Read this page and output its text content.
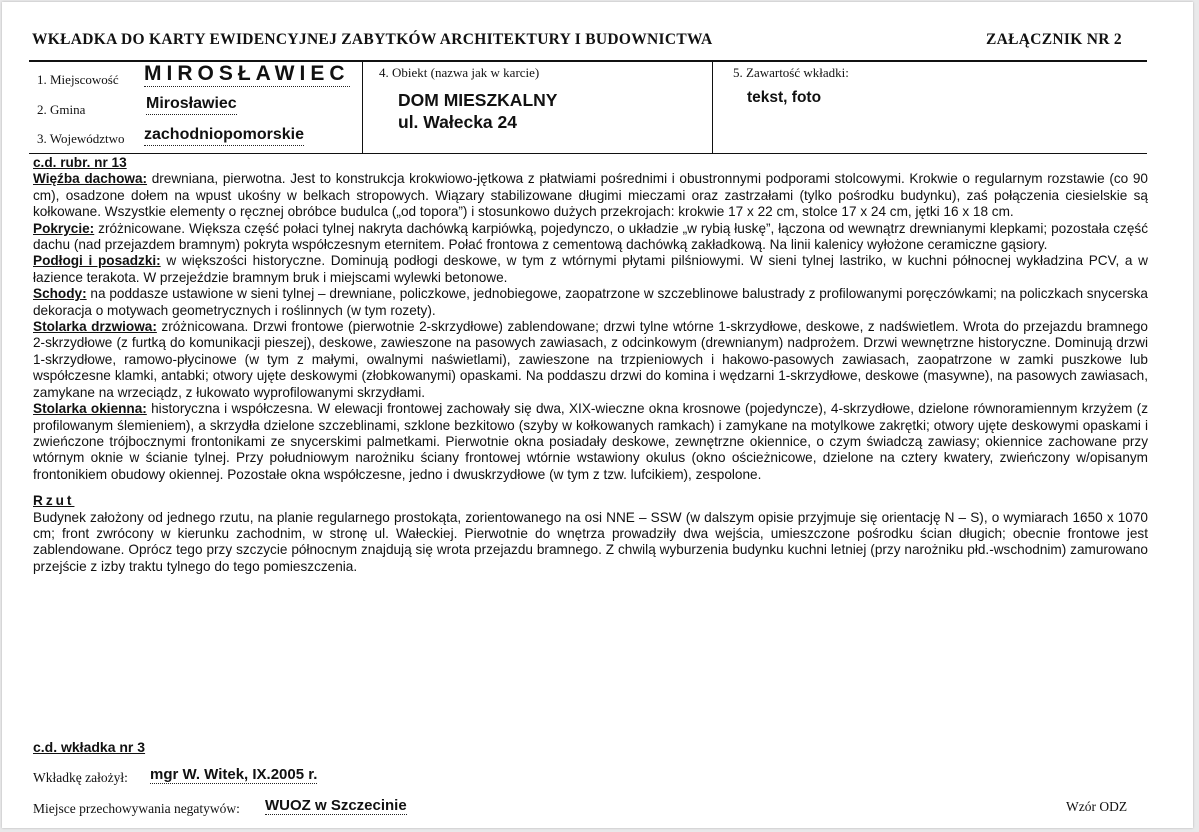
WKŁADKA DO KARTY EWIDENCYJNEJ ZABYTKÓW ARCHITEKTURY I BUDOWNICTWA	ZAŁĄCZNIK NR 2
1. Miejscowość MIROSŁAWIEC
2. Gmina	Mirosławiec
3. Województwo zachodniopomorskie
4. Obiekt (nazwa jak w karcie)
DOM MIESZKALNY
ul. Wałecka 24
5. Zawartość wkładki:
tekst, foto

c.d. rubr. nr 13

Więźba dachowa: drewniana, pierwotna. Jest to konstrukcja krokwiowo-jętkowa z płatwiami pośrednimi i obustronnymi podporami stolcowymi. Krokwie o regularnym rozstawie (co 90 cm), osadzone dołem na wpust ukośny w belkach stropowych. Wiązary stabilizowane długimi mieczami oraz zastrzałami (tylko pośrodku budynku), zaś połączenia ciesielskie są kołkowane. Wszystkie elementy o ręcznej obróbce budulca („od topora”) i stosunkowo dużych przekrojach: krokwie 17 x 22 cm, stolce 17 x 24 cm, jętki 16 x 18 cm.

Pokrycie: zróżnicowane. Większa część połaci tylnej nakryta dachówką karpiówką, pojedynczo, o układzie „w rybią łuskę”, łączona od wewnątrz drewnianymi klepkami; pozostała część dachu (nad przejazdem bramnym) pokryta współczesnym eternitem. Połać frontowa z cementową dachówką zakładkową. Na linii kalenicy wyłożone ceramiczne gąsiory.

Podłogi i posadzki: w większości historyczne. Dominują podłogi deskowe, w tym z wtórnymi płytami pilśniowymi. W sieni tylnej lastriko, w kuchni północnej wykładzina PCV, a w łazience terakota. W przejeździe bramnym bruk i miejscami wylewki betonowe.

Schody: na poddasze ustawione w sieni tylnej – drewniane, policzkowe, jednobiegowe, zaopatrzone w szczeblinowe balustrady z profilowanymi poręczówkami; na policzkach snycerska dekoracja o motywach geometrycznych i roślinnych (w tym rozety).

Stolarka drzwiowa: zróżnicowana. Drzwi frontowe (pierwotnie 2-skrzydłowe) zablendowane; drzwi tylne wtórne 1-skrzydłowe, deskowe, z nadświetlem. Wrota do przejazdu bramnego 2-skrzydłowe (z furtką do komunikacji pieszej), deskowe, zawieszone na pasowych zawiasach, z odcinkowym (drewnianym) nadprożem. Drzwi wewnętrzne historyczne. Dominują drzwi 1-skrzydłowe, ramowo-płycinowe (w tym z małymi, owalnymi naświetlami), zawieszone na trzpieniowych i hakowo-pasowych zawiasach, zaopatrzone w zamki puszkowe lub współczesne klamki, antabki; otwory ujęte deskowymi (złobkowanymi) opaskami. Na poddaszu drzwi do komina i wędzarni 1-skrzydłowe, deskowe (masywne), na pasowych zawiasach, zamykane na wrzeciądz, z łukowato wyprofilowanymi skrzydłami.

Stolarka okienna: historyczna i współczesna. W elewacji frontowej zachowały się dwa, XIX-wieczne okna krosnowe (pojedyncze), 4-skrzydłowe, dzielone równoramiennym krzyżem (z profilowanym ślemieniem), a skrzydła dzielone szczeblinami, szklone bezkitowo (szyby w kołkowanych ramkach) i zamykane na motylkowe zakrętki; otwory ujęte deskowymi opaskami i zwieńczone trójbocznymi frontonikami ze snycerskimi palmetkami. Pierwotnie okna posiadały deskowe, zewnętrzne okiennice, o czym świadczą zawiasy; okiennice zachowane przy wtórnym oknie w ścianie tylnej. Przy południowym narożniku ściany frontowej wtórnie wstawiony okulus (okno ościeżnicowe, dzielone na cztery kwatery, zwieńczony w/opisanym frontonikiem obudowy okiennej. Pozostałe okna współczesne, jedno i dwuskrzydłowe (w tym z tzw. lufcikiem), zespolone.

Rzut

Budynek założony od jednego rzutu, na planie regularnego prostokąta, zorientowanego na osi NNE – SSW (w dalszym opisie przyjmuje się orientację N – S), o wymiarach 1650 x 1070 cm; front zwrócony w kierunku zachodnim, w stronę ul. Wałeckiej. Pierwotnie do wnętrza prowadziły dwa wejścia, umieszczone pośrodku ścian długich; obecnie frontowe jest zablendowane. Oprócz tego przy szczycie północnym znajdują się wrota przejazdu bramnego. Z chwilą wyburzenia budynku kuchni letniej (przy narożniku płd.-wschodnim) zamurowano przejście z izby traktu tylnego do tego pomieszczenia.

c.d. wkładka nr 3
Wkładkę założył: mgr W. Witek, IX.2005 r.
Miejsce przechowywania negatywów: WUOZ w Szczecinie	Wzór ODZ
